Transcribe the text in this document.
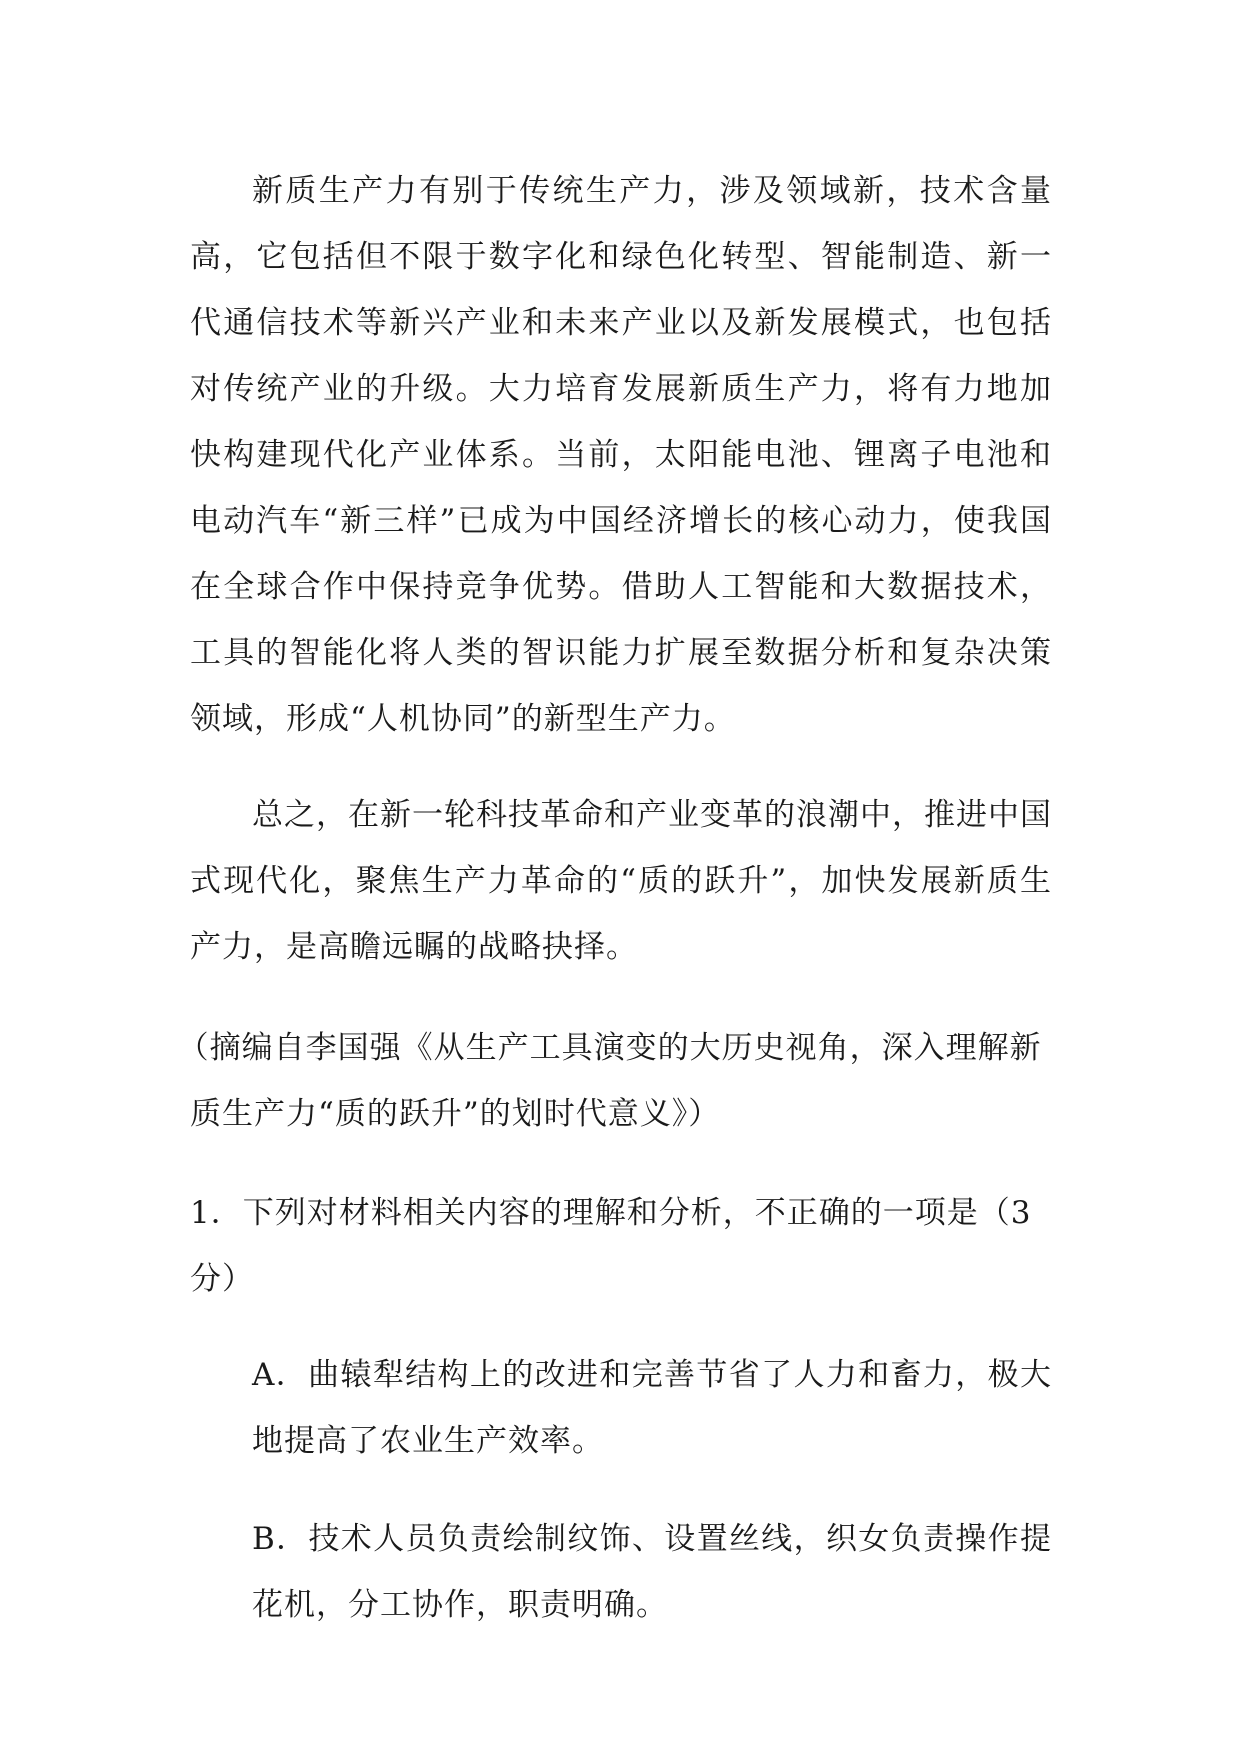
新质生产力有别于传统生产力，涉及领域新，技术含量高，它包括但不限于数字化和绿色化转型、智能制造、新一代通信技术等新兴产业和未来产业以及新发展模式，也包括对传统产业的升级。大力培育发展新质生产力，将有力地加快构建现代化产业体系。当前，太阳能电池、锂离子电池和电动汽车“新三样”已成为中国经济增长的核心动力，使我国在全球合作中保持竞争优势。借助人工智能和大数据技术，工具的智能化将人类的智识能力扩展至数据分析和复杂决策领域，形成“人机协同”的新型生产力。

总之，在新一轮科技革命和产业变革的浪潮中，推进中国式现代化，聚焦生产力革命的“质的跃升”，加快发展新质生产力，是高瞻远瞩的战略抉择。

（摘编自李国强《从生产工具演变的大历史视角，深入理解新质生产力“质的跃升”的划时代意义》）

1．下列对材料相关内容的理解和分析，不正确的一项是（3 分）

A．曲辕犁结构上的改进和完善节省了人力和畜力，极大地提高了农业生产效率。

B．技术人员负责绘制纹饰、设置丝线，织女负责操作提花机，分工协作，职责明确。
